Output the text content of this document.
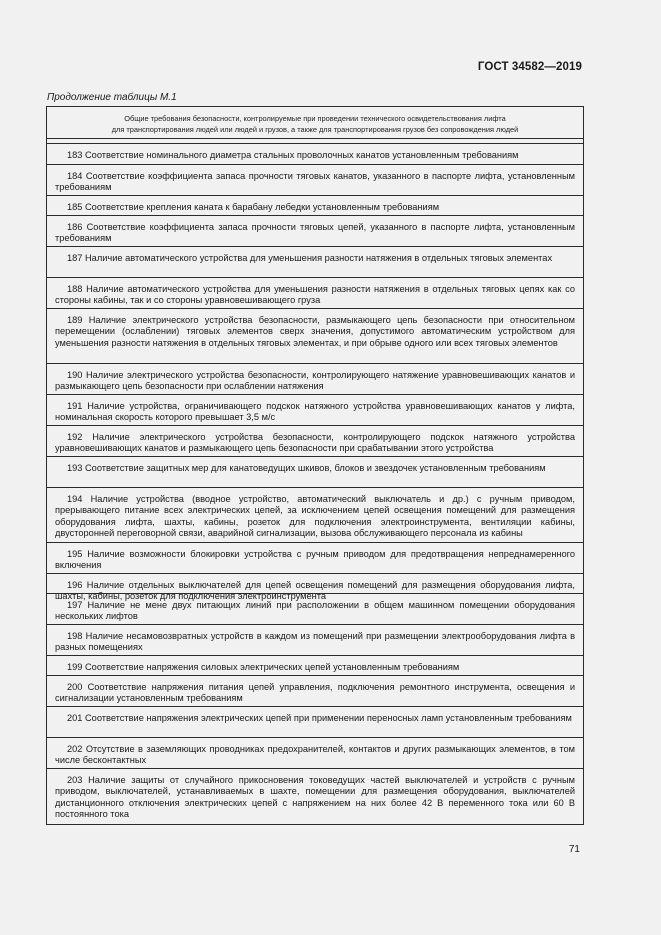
ГОСТ 34582—2019
Продолжение таблицы М.1
Общие требования безопасности, контролируемые при проведении технического освидетельствования лифта
для транспортирования людей или людей и грузов, а также для транспортирования грузов без сопровождения людей
183 Соответствие номинального диаметра стальных проволочных канатов установленным требованиям
184 Соответствие коэффициента запаса прочности тяговых канатов, указанного в паспорте лифта, установленным требованиям
185 Соответствие крепления каната к барабану лебедки установленным требованиям
186 Соответствие коэффициента запаса прочности тяговых цепей, указанного в паспорте лифта, установленным требованиям
187 Наличие автоматического устройства для уменьшения разности натяжения в отдельных тяговых элементах
188 Наличие автоматического устройства для уменьшения разности натяжения в отдельных тяговых цепях как со стороны кабины, так и со стороны уравновешивающего груза
189 Наличие электрического устройства безопасности, размыкающего цепь безопасности при относительном перемещении (ослаблении) тяговых элементов сверх значения, допустимого автоматическим устройством для уменьшения разности натяжения в отдельных тяговых элементах, и при обрыве одного или всех тяговых элементов
190 Наличие электрического устройства безопасности, контролирующего натяжение уравновешивающих канатов и размыкающего цепь безопасности при ослаблении натяжения
191 Наличие устройства, ограничивающего подскок натяжного устройства уравновешивающих канатов у лифта, номинальная скорость которого превышает 3,5 м/с
192 Наличие электрического устройства безопасности, контролирующего подскок натяжного устройства уравновешивающих канатов и размыкающего цепь безопасности при срабатывании этого устройства
193 Соответствие защитных мер для канатоведущих шкивов, блоков и звездочек установленным требованиям
194 Наличие устройства (вводное устройство, автоматический выключатель и др.) с ручным приводом, прерывающего питание всех электрических цепей, за исключением цепей освещения помещений для размещения оборудования лифта, шахты, кабины, розеток для подключения электроинструмента, вентиляции кабины, двусторонней переговорной связи, аварийной сигнализации, вызова обслуживающего персонала из кабины
195 Наличие возможности блокировки устройства с ручным приводом для предотвращения непреднамеренного включения
196 Наличие отдельных выключателей для цепей освещения помещений для размещения оборудования лифта, шахты, кабины, розеток для подключения электроинструмента
197 Наличие не мене двух питающих линий при расположении в общем машинном помещении оборудования нескольких лифтов
198 Наличие несамовозвратных устройств в каждом из помещений при размещении электрооборудования лифта в разных помещениях
199 Соответствие напряжения силовых электрических цепей установленным требованиям
200 Соответствие напряжения питания цепей управления, подключения ремонтного инструмента, освещения и сигнализации установленным требованиям
201 Соответствие напряжения электрических цепей при применении переносных ламп установленным требованиям
202 Отсутствие в заземляющих проводниках предохранителей, контактов и других размыкающих элементов, в том числе бесконтактных
203 Наличие защиты от случайного прикосновения токоведущих частей выключателей и устройств с ручным приводом, выключателей, устанавливаемых в шахте, помещении для размещения оборудования, выключателей дистанционного отключения электрических цепей с напряжением на них более 42 В переменного тока или 60 В постоянного тока
71
